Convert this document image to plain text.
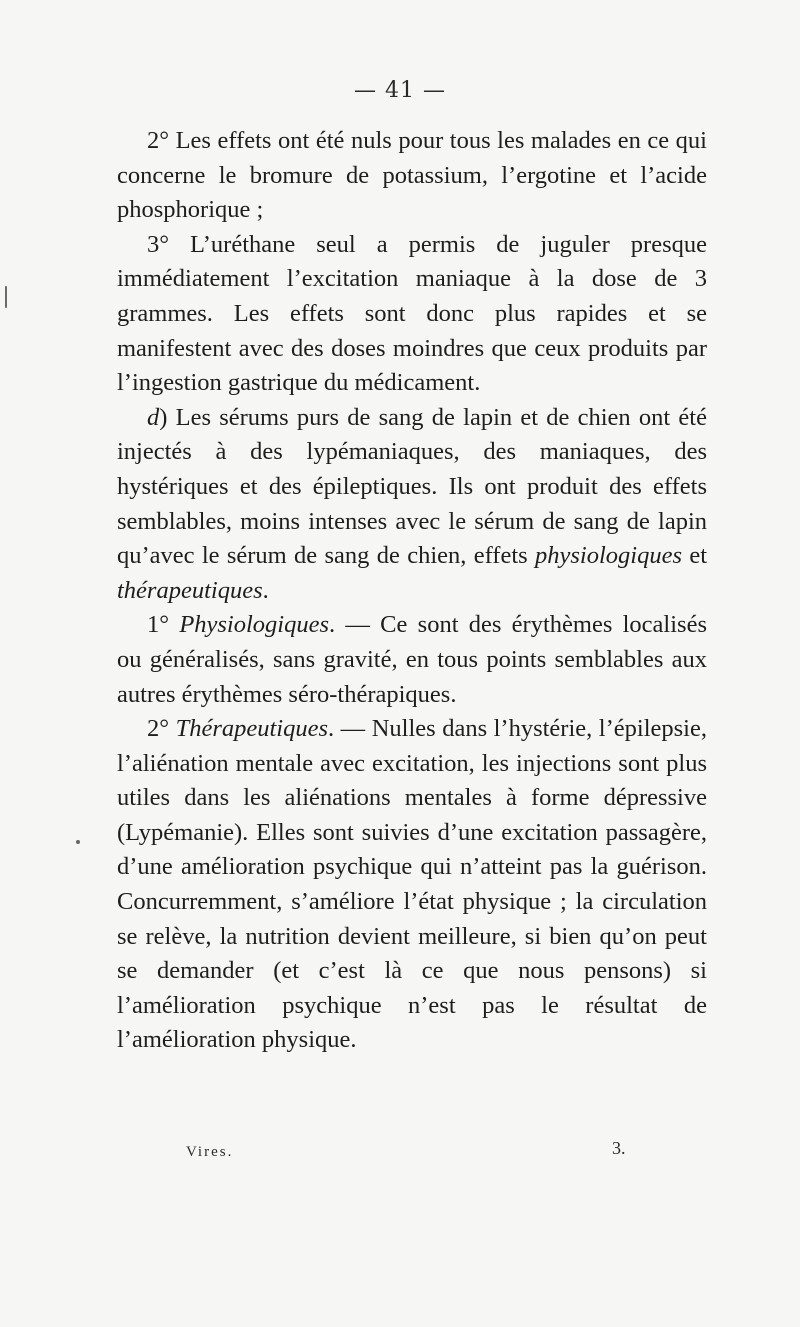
— 41 —

2° Les effets ont été nuls pour tous les malades en ce qui concerne le bromure de potassium, l’ergotine et l’acide phosphorique ;

3° L’uréthane seul a permis de juguler presque immédiatement l’excitation maniaque à la dose de 3 grammes. Les effets sont donc plus rapides et se manifestent avec des doses moindres que ceux produits par l’ingestion gastrique du médicament.

d) Les sérums purs de sang de lapin et de chien ont été injectés à des lypémaniaques, des maniaques, des hystériques et des épileptiques. Ils ont produit des effets semblables, moins intenses avec le sérum de sang de lapin qu’avec le sérum de sang de chien, effets physiologiques et thérapeutiques.

1° Physiologiques. — Ce sont des érythèmes localisés ou généralisés, sans gravité, en tous points semblables aux autres érythèmes séro-thérapiques.

2° Thérapeutiques. — Nulles dans l’hystérie, l’épilepsie, l’aliénation mentale avec excitation, les injections sont plus utiles dans les aliénations mentales à forme dépressive (Lypémanie). Elles sont suivies d’une excitation passagère, d’une amélioration psychique qui n’atteint pas la guérison. Concurremment, s’améliore l’état physique ; la circulation se relève, la nutrition devient meilleure, si bien qu’on peut se demander (et c’est là ce que nous pensons) si l’amélioration psychique n’est pas le résultat de l’amélioration physique.

Vires.	3.
